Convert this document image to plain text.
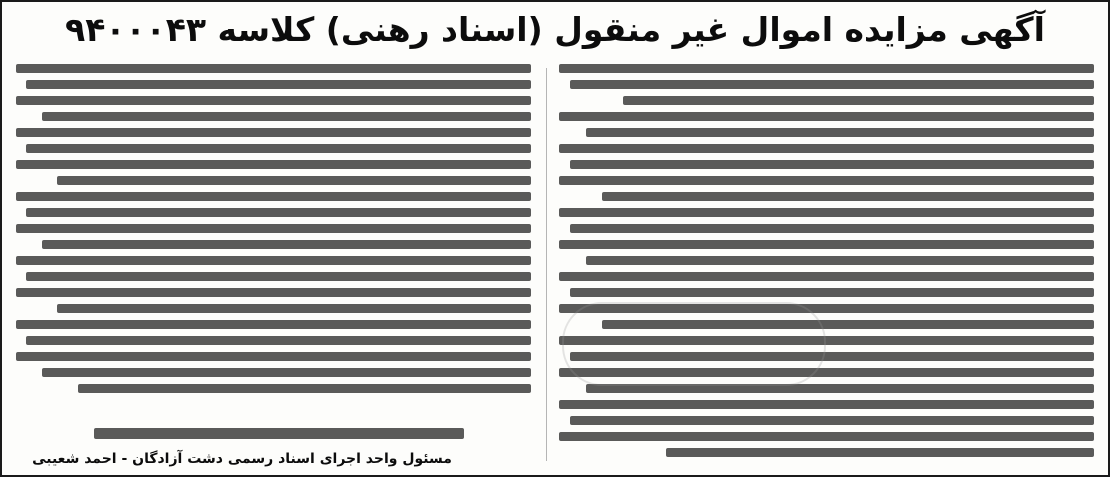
آگهی مزایده اموال غیر منقول (اسناد رهنی) کلاسه ۹۴۰۰۰۴۳
مسئول واحد اجرای اسناد رسمی دشت آزادگان - احمد شعیبی
